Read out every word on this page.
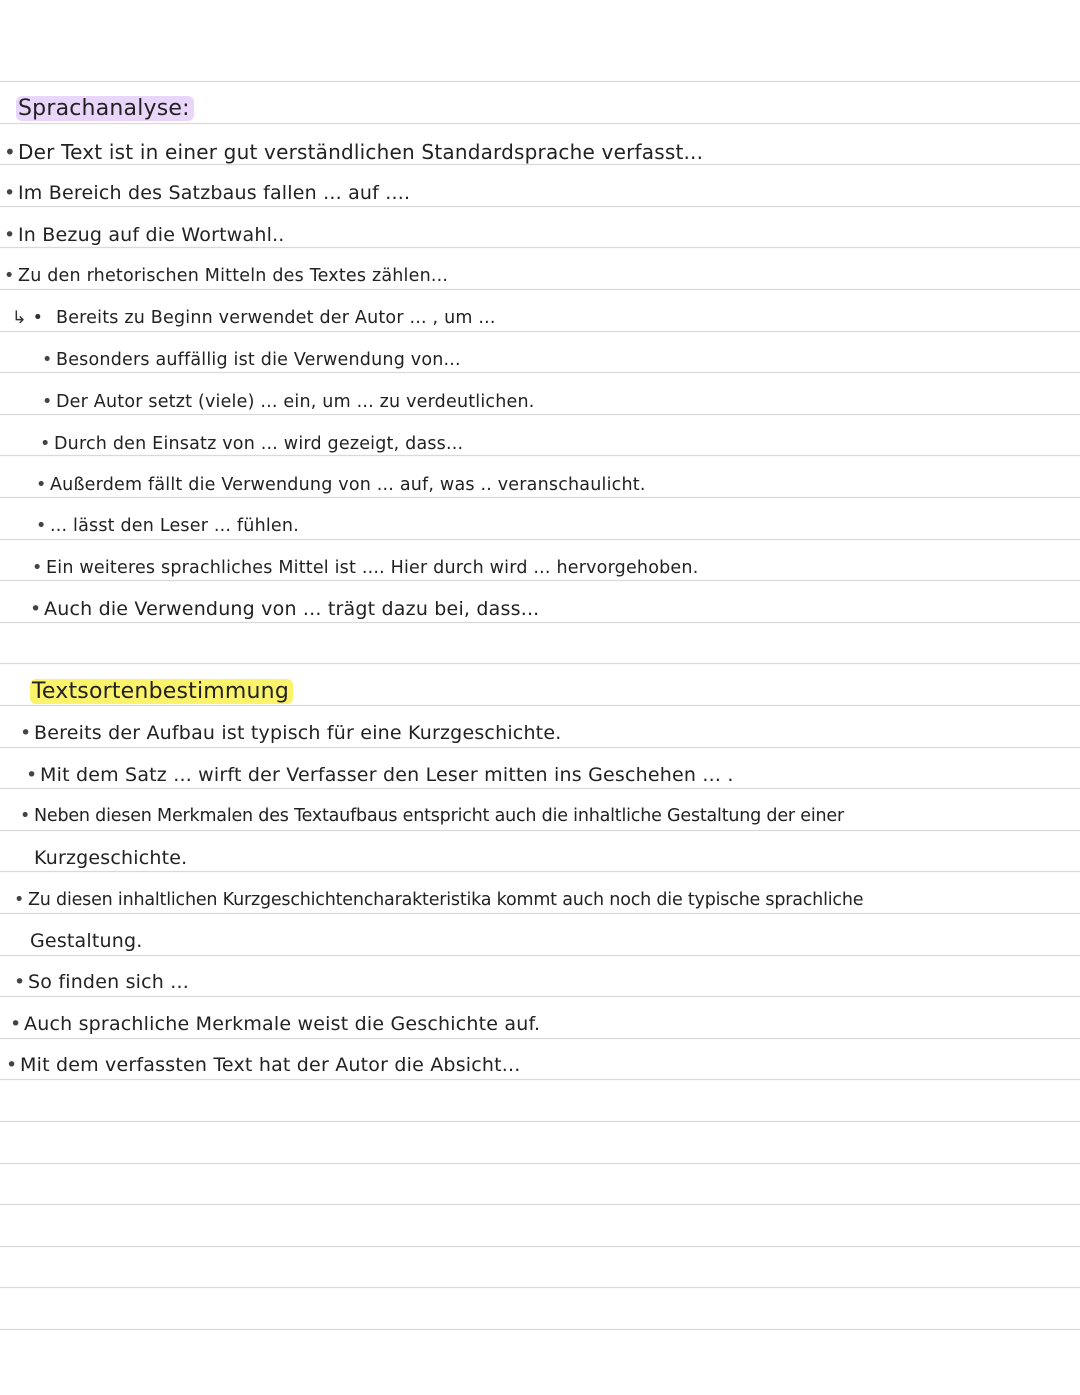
Sprachanalyse:
• Der Text ist in einer gut verständlichen Standardsprache verfasst...
• Im Bereich des Satzbaus fallen ... auf ....
• In Bezug auf die Wortwahl..
• Zu den rhetorischen Mitteln des Textes zählen...
↳ • Bereits zu Beginn verwendet der Autor ... , um ...
• Besonders auffällig ist die Verwendung von...
• Der Autor setzt (viele) ... ein, um ... zu verdeutlichen.
• Durch den Einsatz von ... wird gezeigt, dass...
• Außerdem fällt die Verwendung von ... auf, was .. veranschaulicht.
• ... lässt den Leser ... fühlen.
• Ein weiteres sprachliches Mittel ist .... Hier durch wird ... hervorgehoben.
• Auch die Verwendung von ... trägt dazu bei, dass...
Textsortenbestimmung
• Bereits der Aufbau ist typisch für eine Kurzgeschichte.
• Mit dem Satz ... wirft der Verfasser den Leser mitten ins Geschehen ... .
• Neben diesen Merkmalen des Textaufbaus entspricht auch die inhaltliche Gestaltung der einer
Kurzgeschichte.
• Zu diesen inhaltlichen Kurzgeschichtencharakteristika kommt auch noch die typische sprachliche
Gestaltung.
• So finden sich ...
• Auch sprachliche Merkmale weist die Geschichte auf.
• Mit dem verfassten Text hat der Autor die Absicht...
